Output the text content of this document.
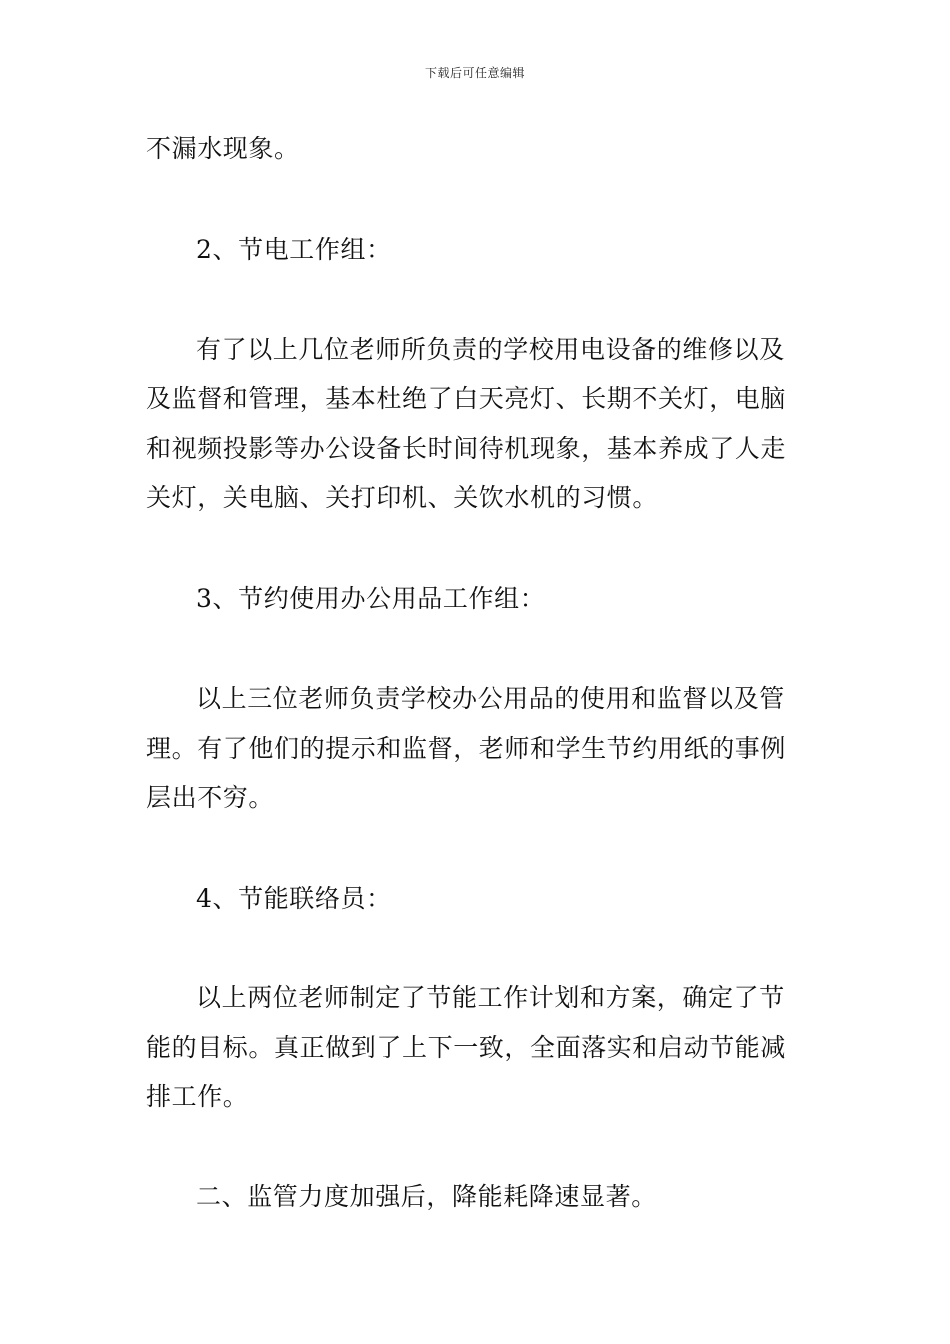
下载后可任意编辑
不漏水现象。
2、节电工作组：
有了以上几位老师所负责的学校用电设备的维修以及
及监督和管理，基本杜绝了白天亮灯、长期不关灯，电脑
和视频投影等办公设备长时间待机现象，基本养成了人走
关灯，关电脑、关打印机、关饮水机的习惯。
3、节约使用办公用品工作组：
以上三位老师负责学校办公用品的使用和监督以及管
理。有了他们的提示和监督，老师和学生节约用纸的事例
层出不穷。
4、节能联络员：
以上两位老师制定了节能工作计划和方案，确定了节
能的目标。真正做到了上下一致，全面落实和启动节能减
排工作。
二、监管力度加强后，降能耗降速显著。
